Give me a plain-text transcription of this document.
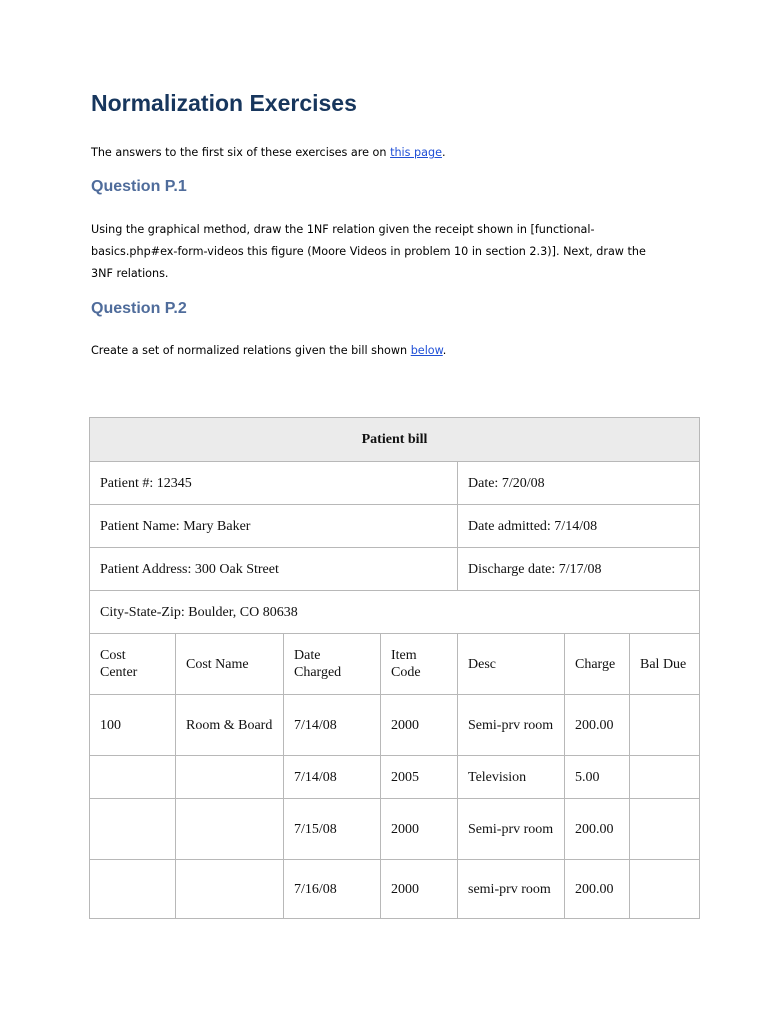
Normalization Exercises

The answers to the first six of these exercises are on this page.

Question P.1

Using the graphical method, draw the 1NF relation given the receipt shown in [functional-basics.php#ex-form-videos this figure (Moore Videos in problem 10 in section 2.3)]. Next, draw the 3NF relations.

Question P.2

Create a set of normalized relations given the bill shown below.

Patient bill						
Patient #: 12345				Date: 7/20/08		
Patient Name: Mary Baker				Date admitted: 7/14/08		
Patient Address: 300 Oak Street				Discharge date: 7/17/08		
City-State-Zip: Boulder, CO 80638						
Cost Center	Cost Name	Date Charged	Item Code	Desc	Charge	Bal Due
100	Room & Board	7/14/08	2000	Semi-prv room	200.00	
		7/14/08	2005	Television	5.00	
		7/15/08	2000	Semi-prv room	200.00	
		7/16/08	2000	semi-prv room	200.00	
